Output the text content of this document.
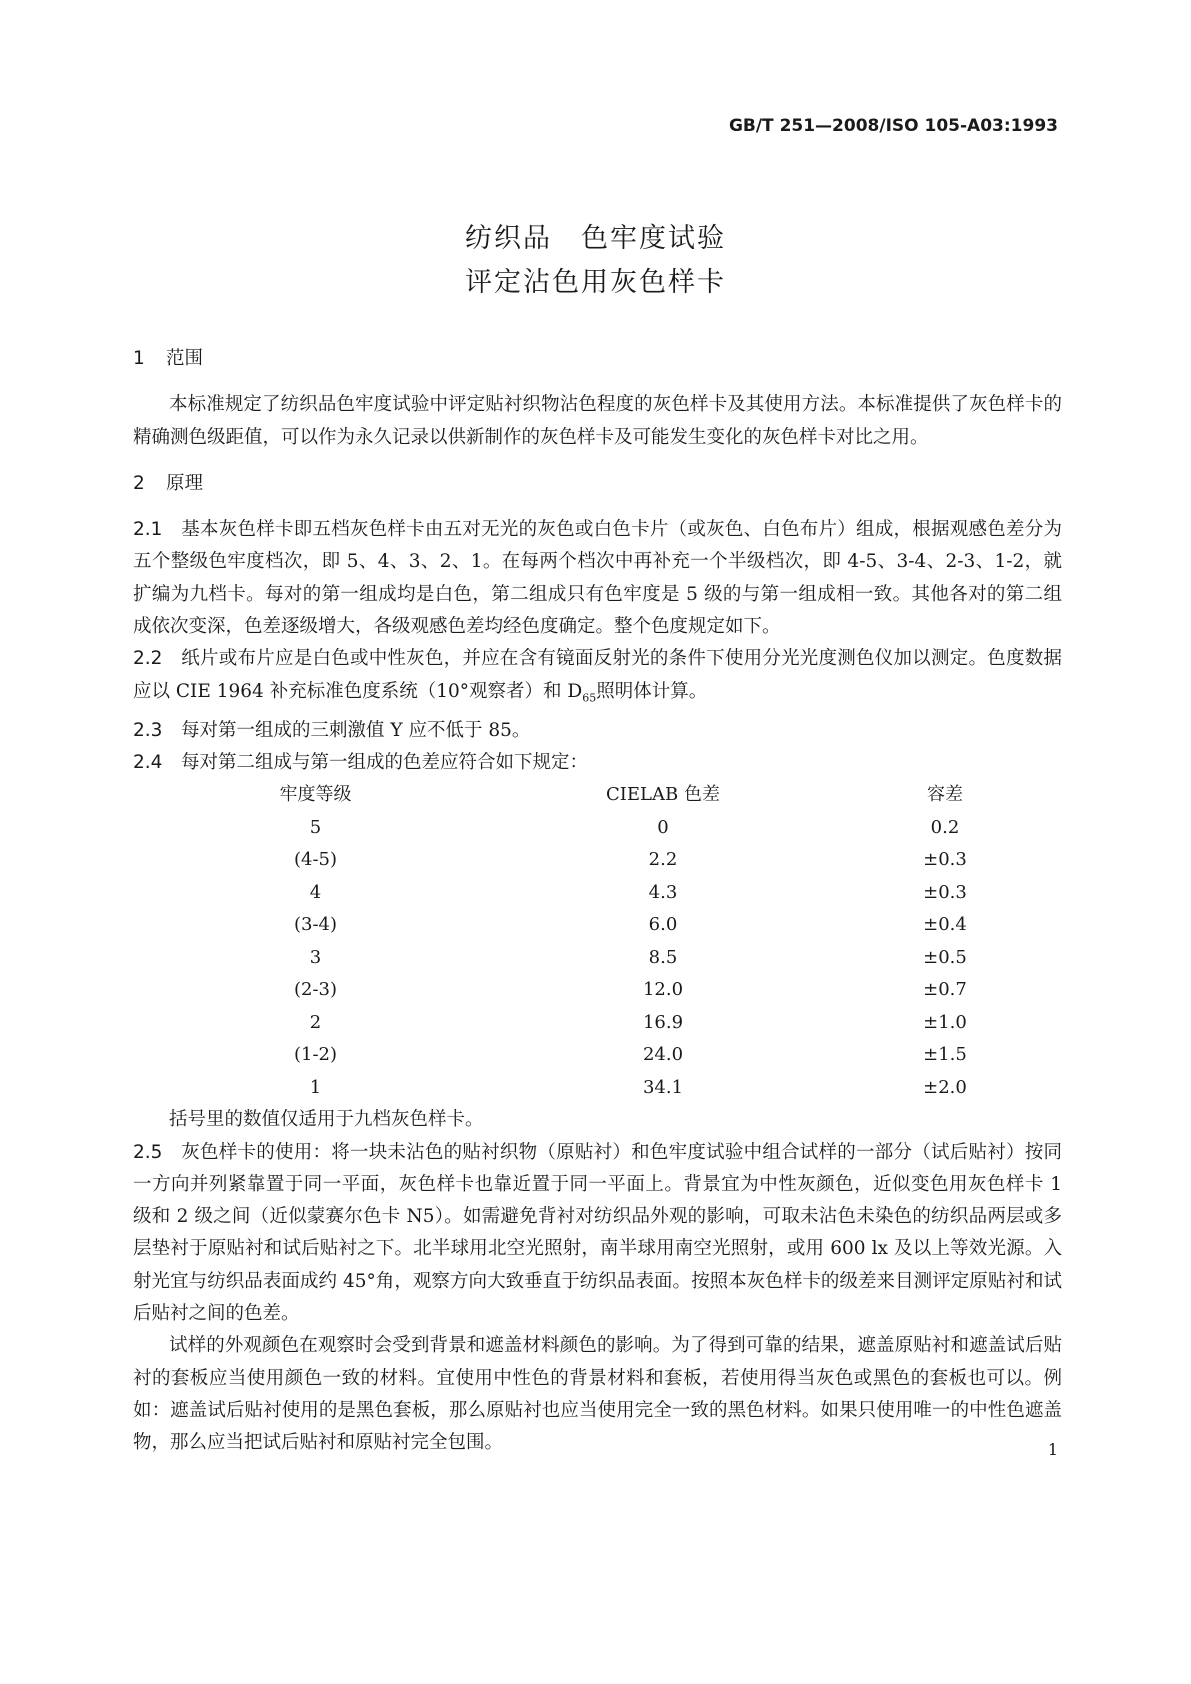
GB/T 251—2008/ISO 105-A03:1993
纺织品　色牢度试验
评定沾色用灰色样卡
1 范围

本标准规定了纺织品色牢度试验中评定贴衬织物沾色程度的灰色样卡及其使用方法。本标准提供了灰色样卡的精确测色级距值，可以作为永久记录以供新制作的灰色样卡及可能发生变化的灰色样卡对比之用。

2 原理

2.1 基本灰色样卡即五档灰色样卡由五对无光的灰色或白色卡片（或灰色、白色布片）组成，根据观感色差分为五个整级色牢度档次，即 5、4、3、2、1。在每两个档次中再补充一个半级档次，即 4-5、3-4、2-3、1-2，就扩编为九档卡。每对的第一组成均是白色，第二组成只有色牢度是 5 级的与第一组成相一致。其他各对的第二组成依次变深，色差逐级增大，各级观感色差均经色度确定。整个色度规定如下。

2.2 纸片或布片应是白色或中性灰色，并应在含有镜面反射光的条件下使用分光光度测色仪加以测定。色度数据应以 CIE 1964 补充标准色度系统（10°观察者）和 $D_{65}$照明体计算。

2.3 每对第一组成的三刺激值 Y 应不低于 85。

2.4 每对第二组成与第一组成的色差应符合如下规定：

牢度等级	CIELAB 色差	容差
5	0	0.2
(4-5)	2.2	±0.3
4	4.3	±0.3
(3-4)	6.0	±0.4
3	8.5	±0.5
(2-3)	12.0	±0.7
2	16.9	±1.0
(1-2)	24.0	±1.5
1	34.1	±2.0

括号里的数值仅适用于九档灰色样卡。

2.5 灰色样卡的使用：将一块未沾色的贴衬织物（原贴衬）和色牢度试验中组合试样的一部分（试后贴衬）按同一方向并列紧靠置于同一平面，灰色样卡也靠近置于同一平面上。背景宜为中性灰颜色，近似变色用灰色样卡 1 级和 2 级之间（近似蒙赛尔色卡 N5）。如需避免背衬对纺织品外观的影响，可取未沾色未染色的纺织品两层或多层垫衬于原贴衬和试后贴衬之下。北半球用北空光照射，南半球用南空光照射，或用 600 lx 及以上等效光源。入射光宜与纺织品表面成约 45°角，观察方向大致垂直于纺织品表面。按照本灰色样卡的级差来目测评定原贴衬和试后贴衬之间的色差。

试样的外观颜色在观察时会受到背景和遮盖材料颜色的影响。为了得到可靠的结果，遮盖原贴衬和遮盖试后贴衬的套板应当使用颜色一致的材料。宜使用中性色的背景材料和套板，若使用得当灰色或黑色的套板也可以。例如：遮盖试后贴衬使用的是黑色套板，那么原贴衬也应当使用完全一致的黑色材料。如果只使用唯一的中性色遮盖物，那么应当把试后贴衬和原贴衬完全包围。	1
